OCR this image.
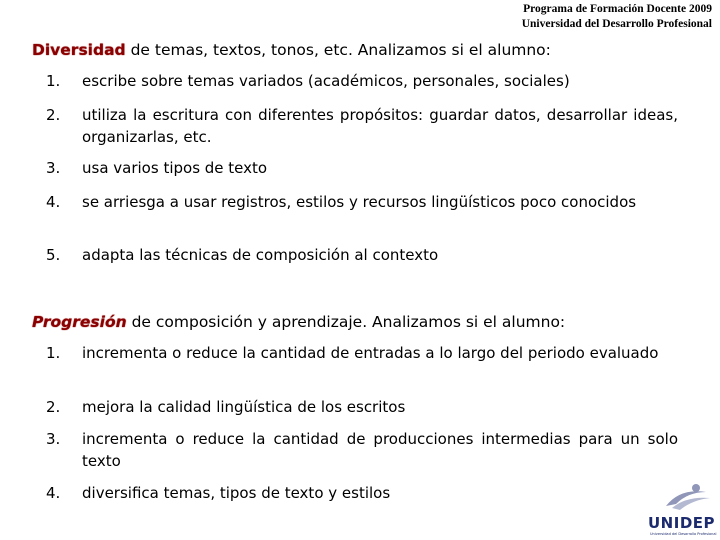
Programa de Formación Docente 2009
Universidad del Desarrollo Profesional
Diversidad de temas, textos, tonos, etc. Analizamos si el alumno:
1.	escribe sobre temas variados (académicos, personales, sociales)
2.	utiliza la escritura con diferentes propósitos: guardar datos, desarrollar ideas, organizarlas, etc.
3.	usa varios tipos de texto
4.	se arriesga a usar registros, estilos y recursos lingüísticos poco conocidos
5.	adapta las técnicas de composición al contexto
Progresión de composición y aprendizaje. Analizamos si el alumno:
1.	incrementa o reduce la cantidad de entradas a lo largo del periodo evaluado
2.	mejora la calidad lingüística de los escritos
3.	incrementa o reduce la cantidad de producciones intermedias para un solo texto
4.	diversifica temas, tipos de texto y estilos
UNIDEP
Universidad del Desarrollo Profesional
